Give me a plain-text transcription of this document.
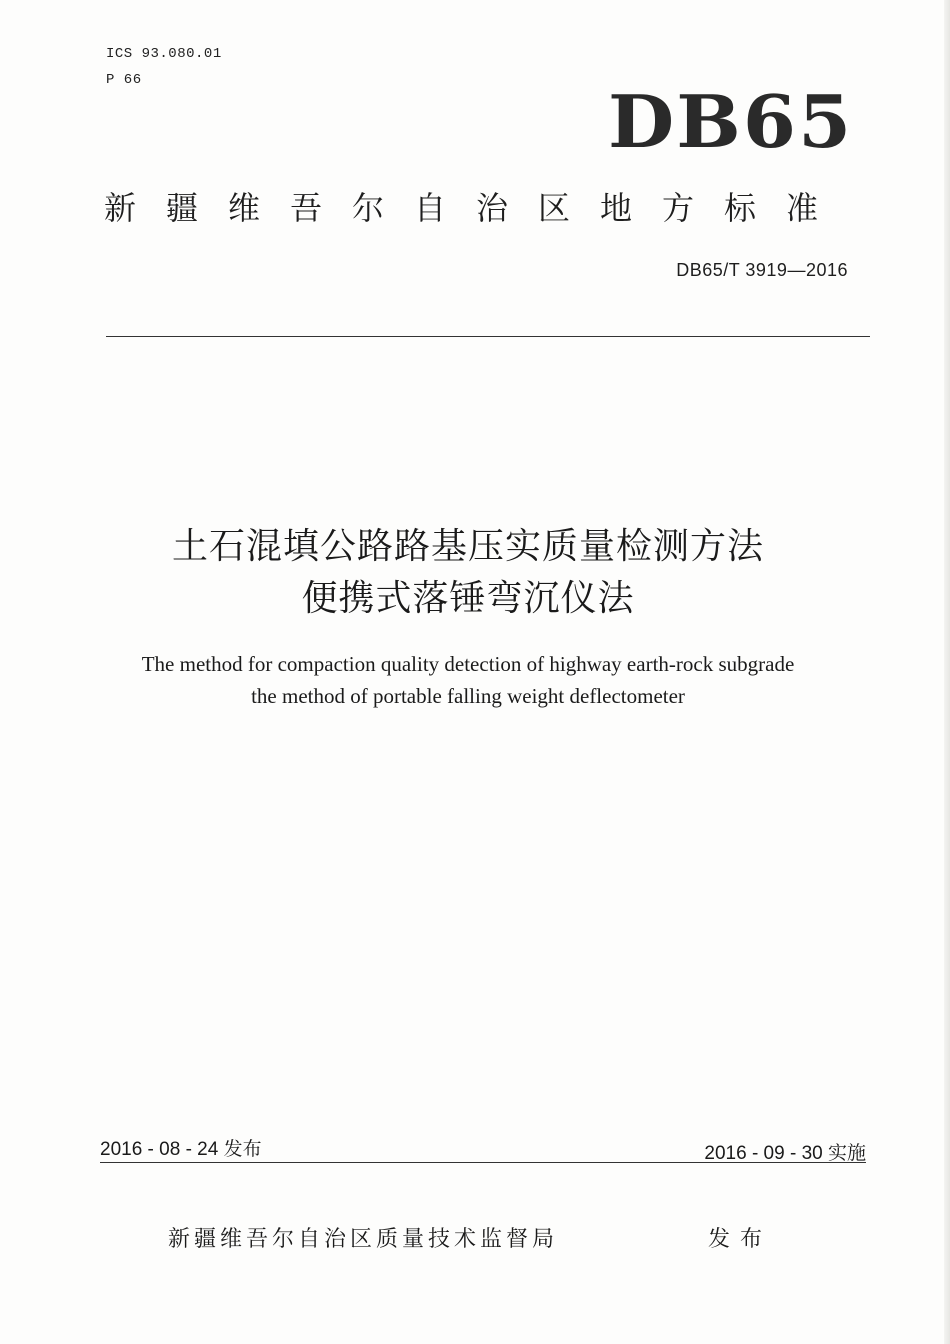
ICS 93.080.01
P 66	DB65
新疆维吾尔自治区地方标准
DB65/T 3919—2016
土石混填公路路基压实质量检测方法
便携式落锤弯沉仪法
The method for compaction quality detection of highway earth-rock subgrade
the method of portable falling weight deflectometer
2016 - 08 - 24 发布	2016 - 09 - 30 实施
新疆维吾尔自治区质量技术监督局	发布
